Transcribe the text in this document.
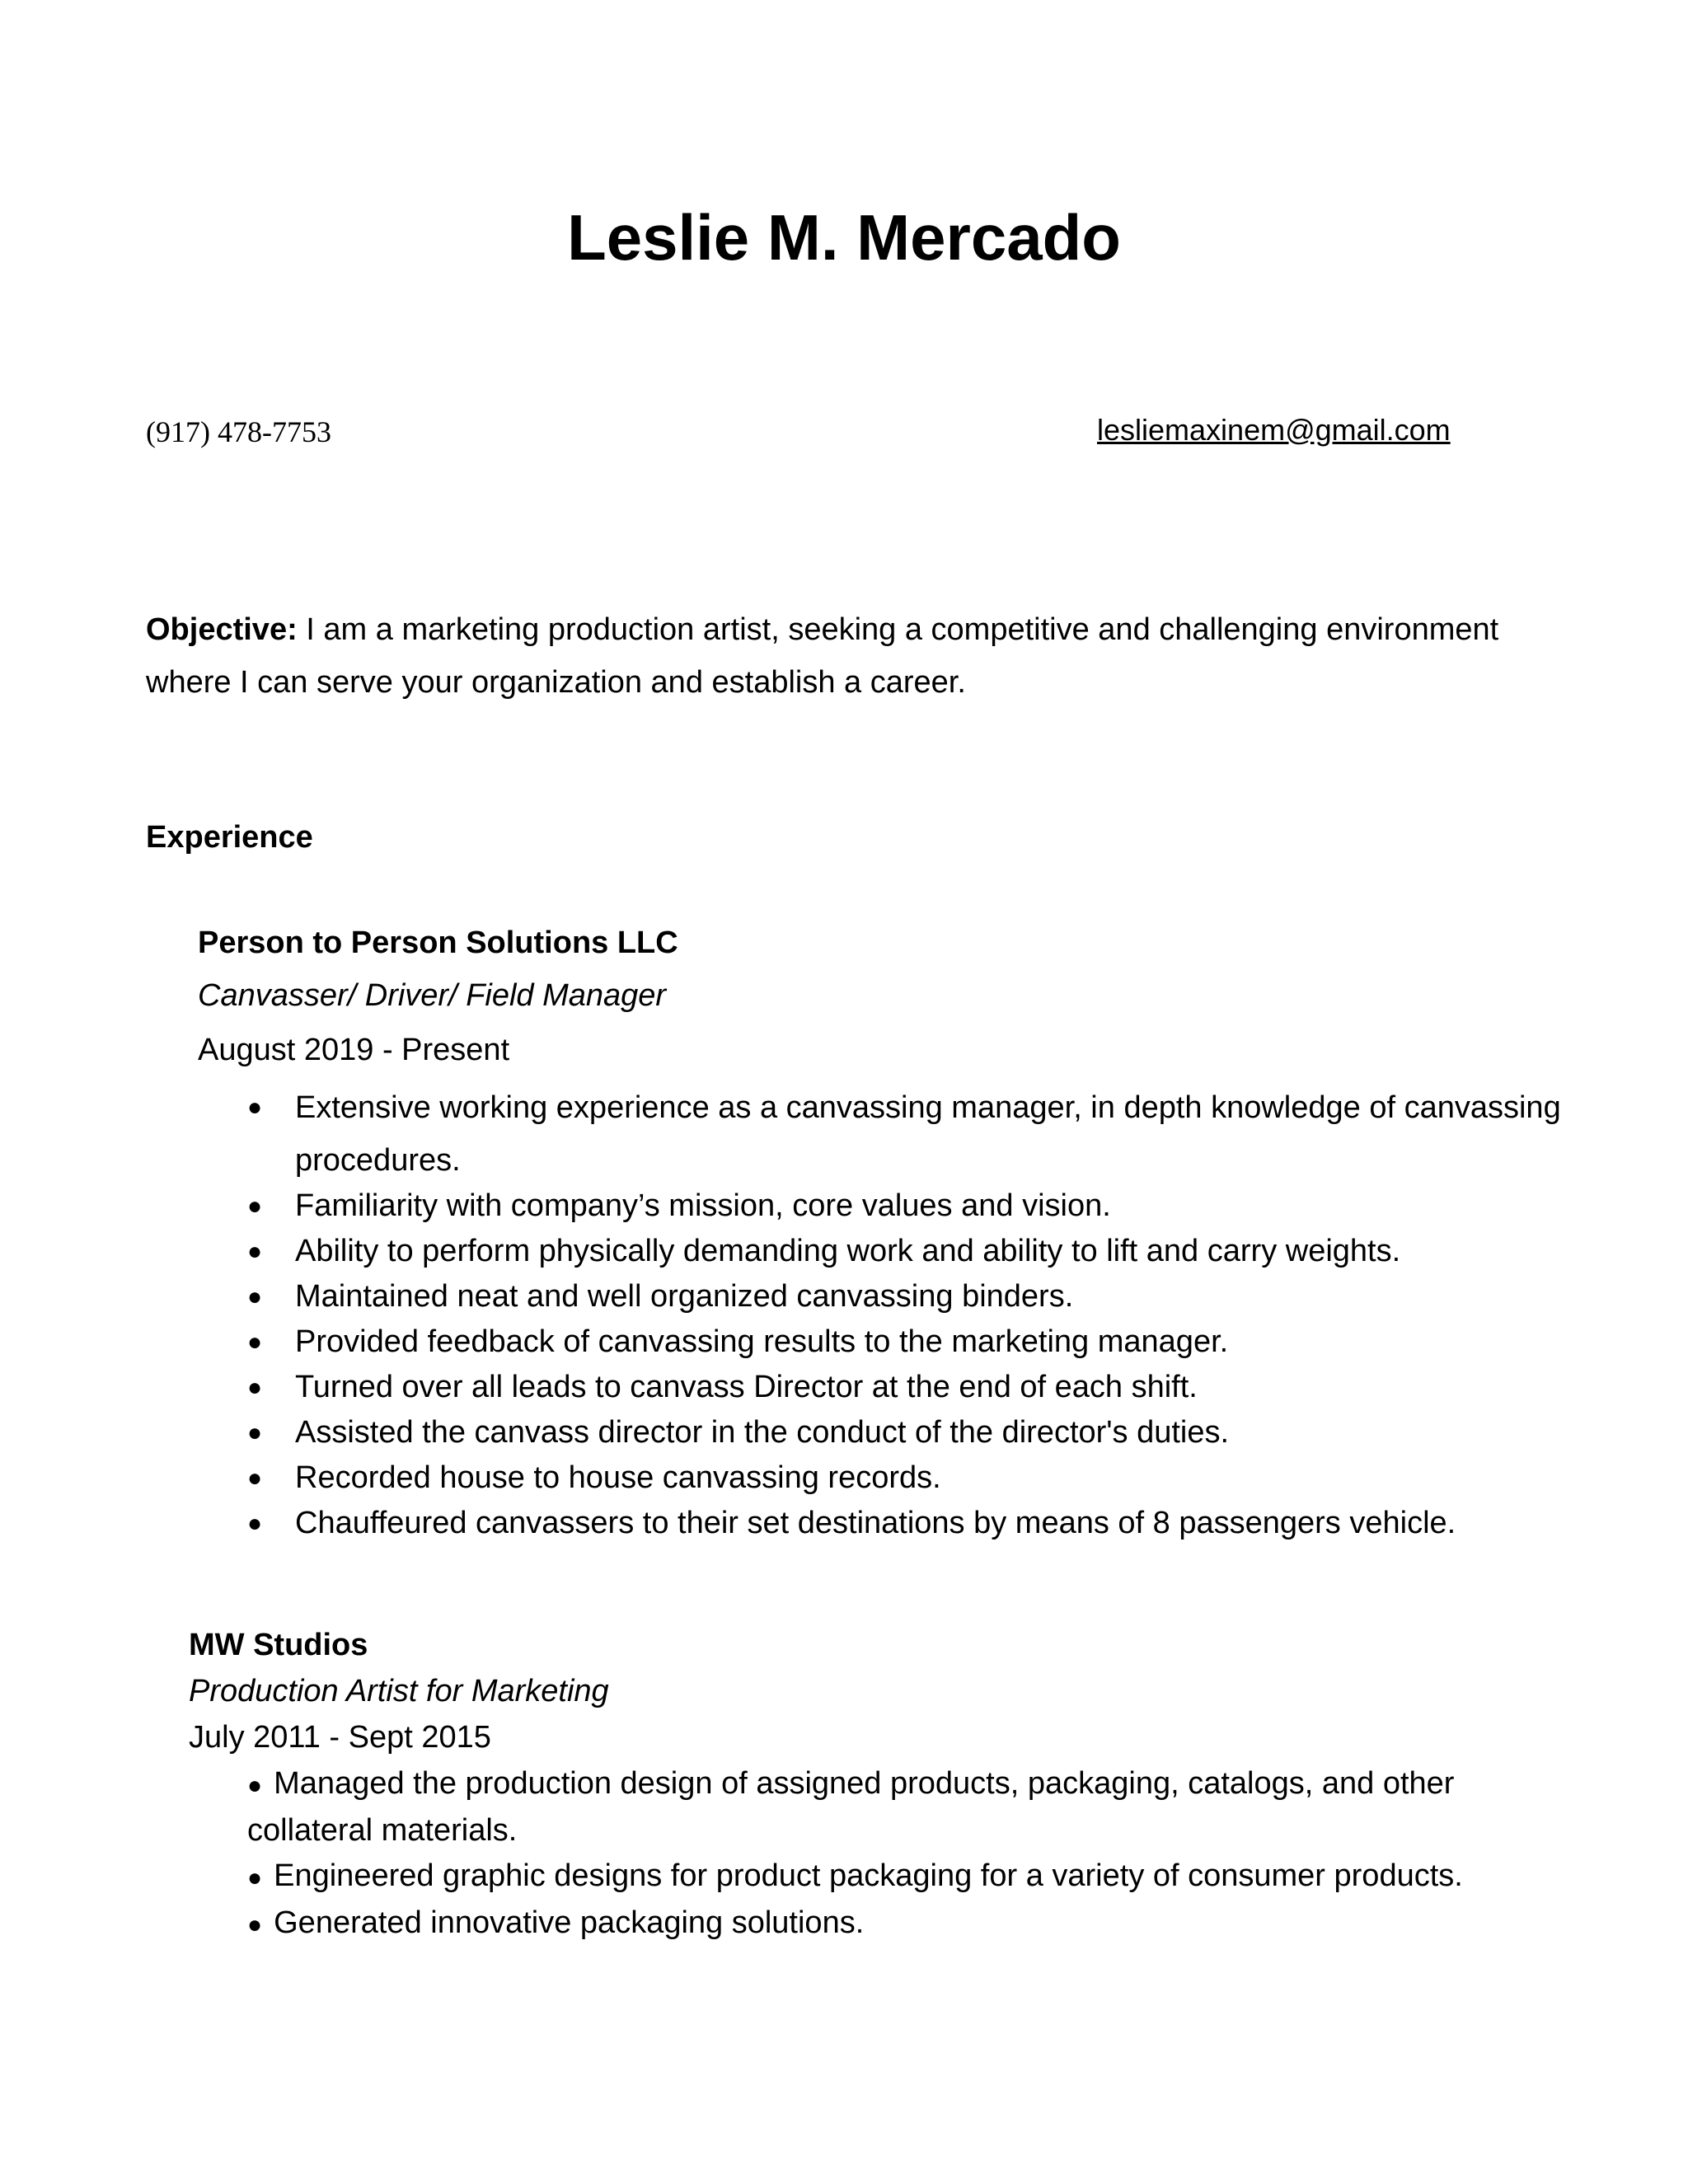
Leslie M. Mercado
(917) 478-7753	lesliemaxinem@gmail.com

Objective: I am a marketing production artist, seeking a competitive and challenging environment where I can serve your organization and establish a career.

Experience
Person to Person Solutions LLC
Canvasser/ Driver/ Field Manager
August 2019 - Present
● Extensive working experience as a canvassing manager, in depth knowledge of canvassing procedures.
● Familiarity with company’s mission, core values and vision.
● Ability to perform physically demanding work and ability to lift and carry weights.
● Maintained neat and well organized canvassing binders.
● Provided feedback of canvassing results to the marketing manager.
● Turned over all leads to canvass Director at the end of each shift.
● Assisted the canvass director in the conduct of the director's duties.
● Recorded house to house canvassing records.
● Chauffeured canvassers to their set destinations by means of 8 passengers vehicle.
MW Studios
Production Artist for Marketing
July 2011 - Sept 2015
● Managed the production design of assigned products, packaging, catalogs, and other collateral materials.
● Engineered graphic designs for product packaging for a variety of consumer products.
● Generated innovative packaging solutions.
